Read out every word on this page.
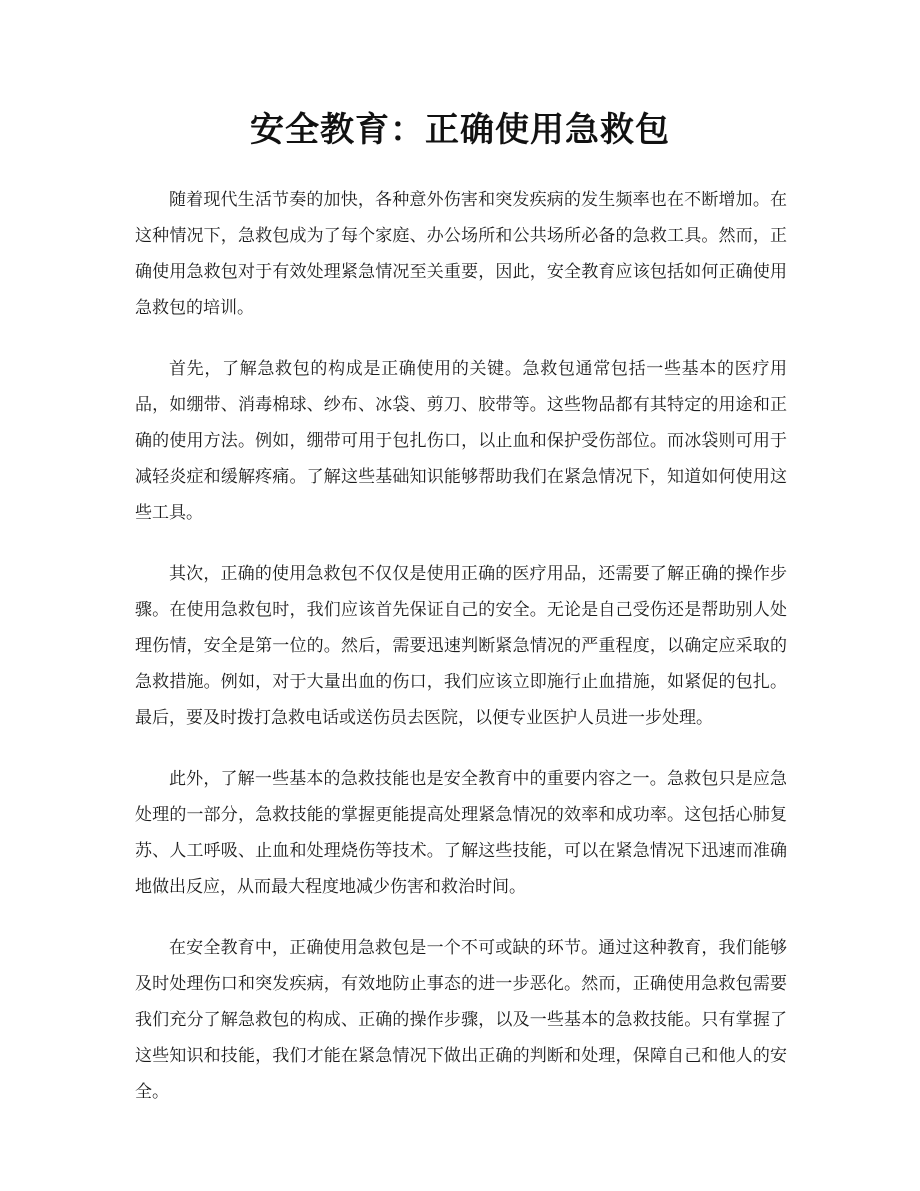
安全教育：正确使用急救包

随着现代生活节奏的加快，各种意外伤害和突发疾病的发生频率也在不断增加。在这种情况下，急救包成为了每个家庭、办公场所和公共场所必备的急救工具。然而，正确使用急救包对于有效处理紧急情况至关重要，因此，安全教育应该包括如何正确使用急救包的培训。

首先，了解急救包的构成是正确使用的关键。急救包通常包括一些基本的医疗用品，如绷带、消毒棉球、纱布、冰袋、剪刀、胶带等。这些物品都有其特定的用途和正确的使用方法。例如，绷带可用于包扎伤口，以止血和保护受伤部位。而冰袋则可用于减轻炎症和缓解疼痛。了解这些基础知识能够帮助我们在紧急情况下，知道如何使用这些工具。

其次，正确的使用急救包不仅仅是使用正确的医疗用品，还需要了解正确的操作步骤。在使用急救包时，我们应该首先保证自己的安全。无论是自己受伤还是帮助别人处理伤情，安全是第一位的。然后，需要迅速判断紧急情况的严重程度，以确定应采取的急救措施。例如，对于大量出血的伤口，我们应该立即施行止血措施，如紧促的包扎。最后，要及时拨打急救电话或送伤员去医院，以便专业医护人员进一步处理。

此外，了解一些基本的急救技能也是安全教育中的重要内容之一。急救包只是应急处理的一部分，急救技能的掌握更能提高处理紧急情况的效率和成功率。这包括心肺复苏、人工呼吸、止血和处理烧伤等技术。了解这些技能，可以在紧急情况下迅速而准确地做出反应，从而最大程度地减少伤害和救治时间。

在安全教育中，正确使用急救包是一个不可或缺的环节。通过这种教育，我们能够及时处理伤口和突发疾病，有效地防止事态的进一步恶化。然而，正确使用急救包需要我们充分了解急救包的构成、正确的操作步骤，以及一些基本的急救技能。只有掌握了这些知识和技能，我们才能在紧急情况下做出正确的判断和处理，保障自己和他人的安全。
